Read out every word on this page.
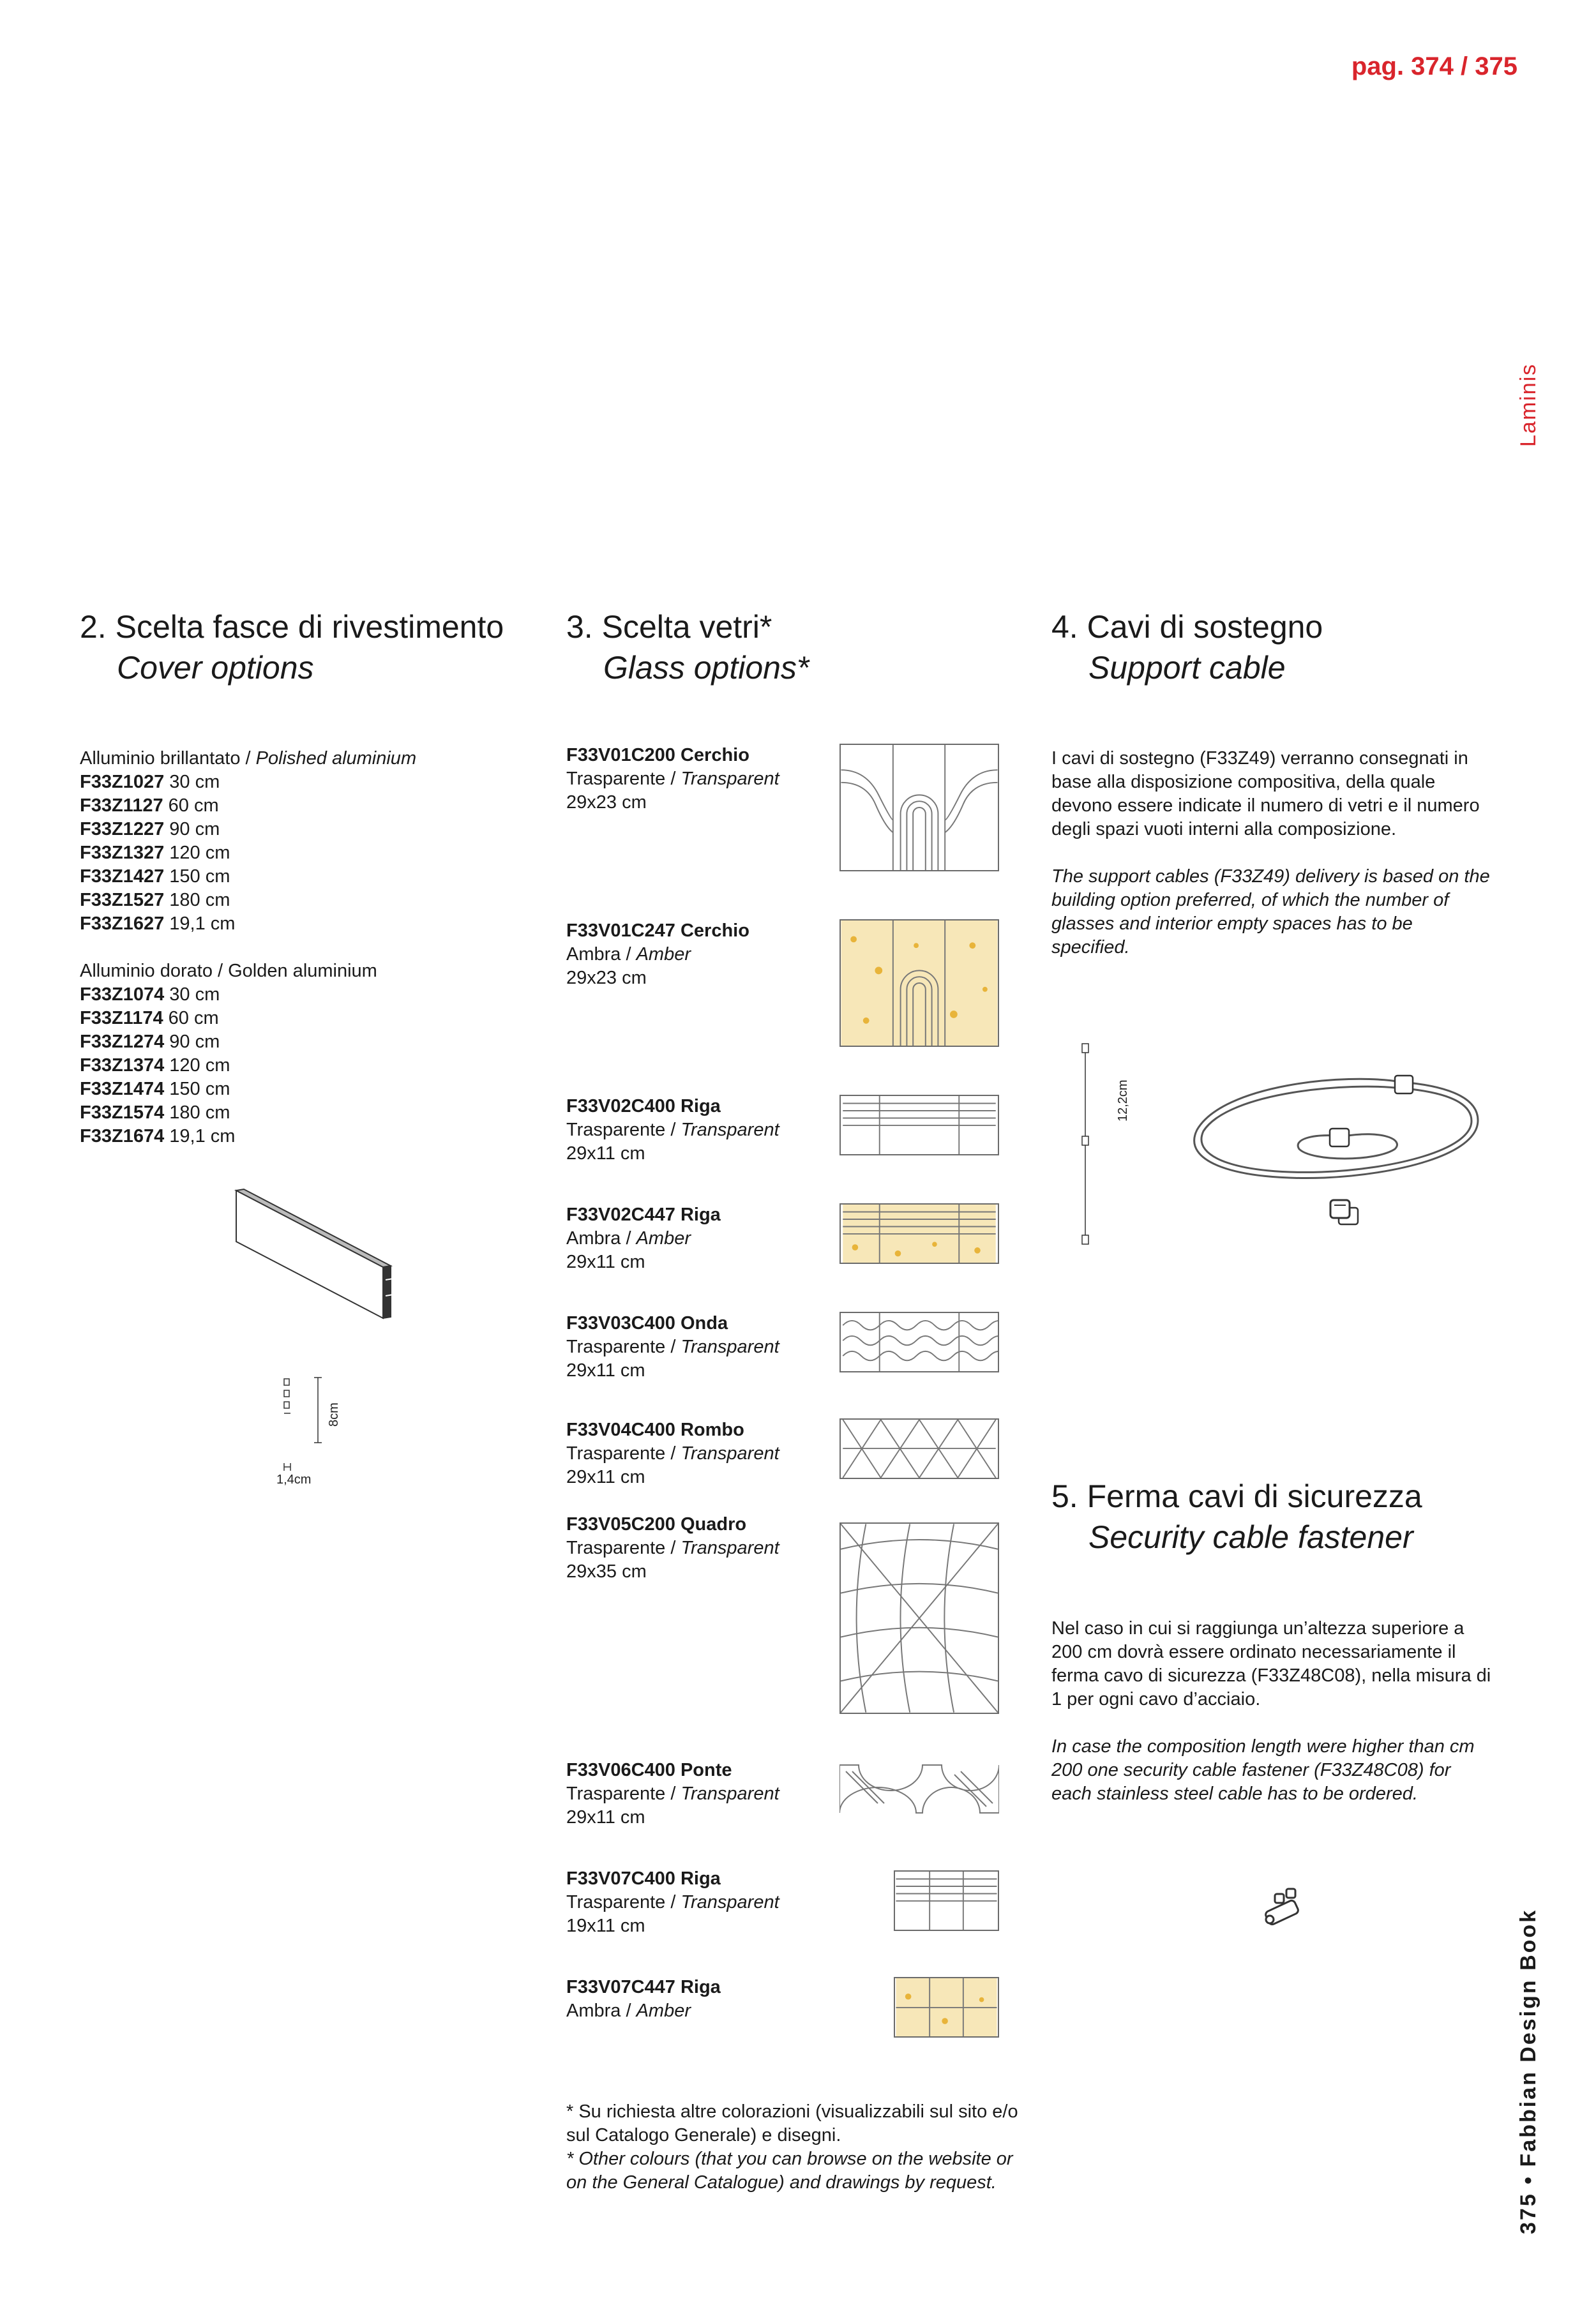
pag. 374 / 375
Laminis
375 • Fabbian Design Book
2. Scelta fasce di rivestimento
Cover options
Alluminio brillantato / Polished aluminium
F33Z1027 30 cm
F33Z1127 60 cm
F33Z1227 90 cm
F33Z1327 120 cm
F33Z1427 150 cm
F33Z1527 180 cm
F33Z1627 19,1 cm
Alluminio dorato / Golden aluminium
F33Z1074 30 cm
F33Z1174 60 cm
F33Z1274 90 cm
F33Z1374 120 cm
F33Z1474 150 cm
F33Z1574 180 cm
F33Z1674 19,1 cm
8cm
1,4cm
3. Scelta vetri*
Glass options*
F33V01C200 Cerchio
Trasparente / Transparent
29x23 cm
F33V01C247 Cerchio
Ambra / Amber
29x23 cm
F33V02C400 Riga
Trasparente / Transparent
29x11 cm
F33V02C447 Riga
Ambra / Amber
29x11 cm
F33V03C400 Onda
Trasparente / Transparent
29x11 cm
F33V04C400 Rombo
Trasparente / Transparent
29x11 cm
F33V05C200 Quadro
Trasparente / Transparent
29x35 cm
F33V06C400 Ponte
Trasparente / Transparent
29x11 cm
F33V07C400 Riga
Trasparente / Transparent
19x11 cm
F33V07C447 Riga
Ambra / Amber
* Su richiesta altre colorazioni (visualizzabili sul sito e/o sul Catalogo Generale) e disegni.
* Other colours (that you can browse on the website or on the General Catalogue) and drawings by request.
4. Cavi di sostegno
Support cable
I cavi di sostegno (F33Z49) verranno consegnati in base alla disposizione compositiva, della quale devono essere indicate il numero di vetri e il numero degli spazi vuoti interni alla composizione.
The support cables (F33Z49) delivery is based on the building option preferred, of which the number of glasses and interior empty spaces has to be specified.
12,2cm
5. Ferma cavi di sicurezza
Security cable fastener
Nel caso in cui si raggiunga un’altezza superiore a 200 cm dovrà essere ordinato necessariamente il ferma cavo di sicurezza (F33Z48C08), nella misura di 1 per ogni cavo d’acciaio.
In case the composition length were higher than cm 200 one security cable fastener (F33Z48C08) for each stainless steel cable has to be ordered.
